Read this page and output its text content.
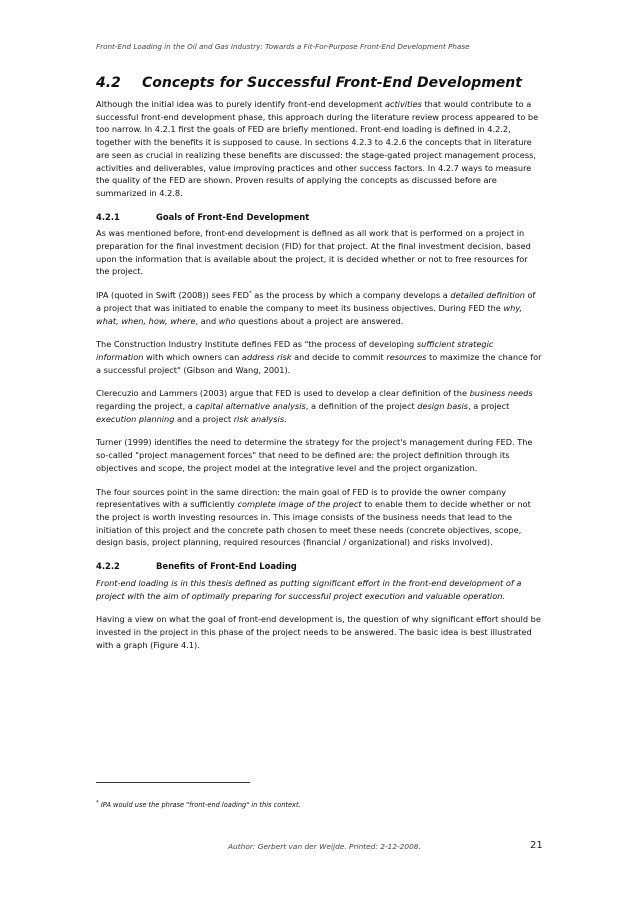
Front-End Loading in the Oil and Gas Industry: Towards a Fit-For-Purpose Front-End Development Phase
4.2 Concepts for Successful Front-End Development

Although the initial idea was to purely identify front-end development activities that would contribute to a successful front-end development phase, this approach during the literature review process appeared to be too narrow. In 4.2.1 first the goals of FED are briefly mentioned. Front-end loading is defined in 4.2.2, together with the benefits it is supposed to cause. In sections 4.2.3 to 4.2.6 the concepts that in literature are seen as crucial in realizing these benefits are discussed: the stage-gated project management process, activities and deliverables, value improving practices and other success factors. In 4.2.7 ways to measure the quality of the FED are shown. Proven results of applying the concepts as discussed before are summarized in 4.2.8.

4.2.1	Goals of Front-End Development

As was mentioned before, front-end development is defined as all work that is performed on a project in preparation for the final investment decision (FID) for that project. At the final investment decision, based upon the information that is available about the project, it is decided whether or not to free resources for the project.

IPA (quoted in Swift (2008)) sees FED* as the process by which a company develops a detailed definition of a project that was initiated to enable the company to meet its business objectives. During FED the why, what, when, how, where, and who questions about a project are answered.

The Construction Industry Institute defines FED as "the process of developing sufficient strategic information with which owners can address risk and decide to commit resources to maximize the chance for a successful project" (Gibson and Wang, 2001).

Clerecuzio and Lammers (2003) argue that FED is used to develop a clear definition of the business needs regarding the project, a capital alternative analysis, a definition of the project design basis, a project execution planning and a project risk analysis.

Turner (1999) identifies the need to determine the strategy for the project's management during FED. The so-called "project management forces" that need to be defined are: the project definition through its objectives and scope, the project model at the integrative level and the project organization.

The four sources point in the same direction: the main goal of FED is to provide the owner company representatives with a sufficiently complete image of the project to enable them to decide whether or not the project is worth investing resources in. This image consists of the business needs that lead to the initiation of this project and the concrete path chosen to meet these needs (concrete objectives, scope, design basis, project planning, required resources (financial / organizational) and risks involved).

4.2.2	Benefits of Front-End Loading

Front-end loading is in this thesis defined as putting significant effort in the front-end development of a project with the aim of optimally preparing for successful project execution and valuable operation.

Having a view on what the goal of front-end development is, the question of why significant effort should be invested in the project in this phase of the project needs to be answered. The basic idea is best illustrated with a graph (Figure 4.1).

* IPA would use the phrase "front-end loading" in this context.
Author: Gerbert van der Weijde. Printed: 2-12-2008.	21
